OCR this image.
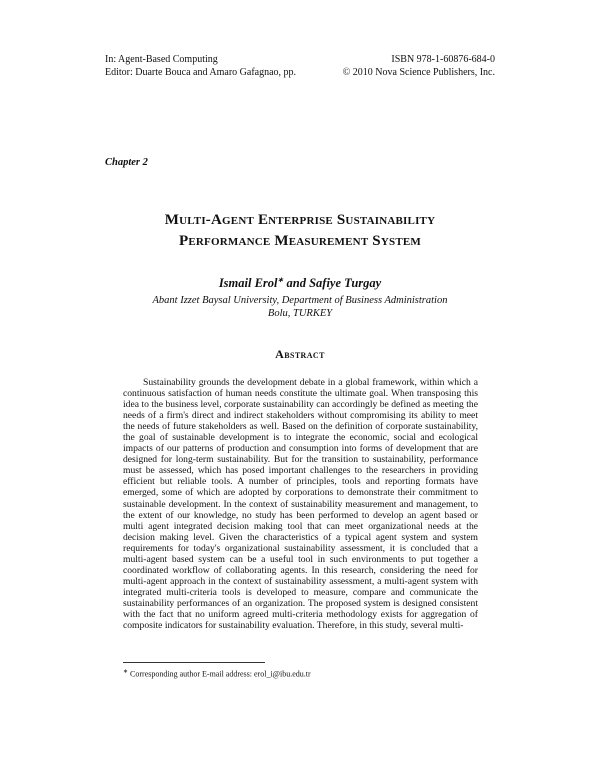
In: Agent-Based Computing
Editor: Duarte Bouca and Amaro Gafagnao, pp.
ISBN 978-1-60876-684-0
© 2010 Nova Science Publishers, Inc.
Chapter 2
Multi-Agent Enterprise Sustainability
Performance Measurement System
Ismail Erol∗ and Safiye Turgay
Abant Izzet Baysal University, Department of Business Administration
Bolu, TURKEY
Abstract

Sustainability grounds the development debate in a global framework, within which a continuous satisfaction of human needs constitute the ultimate goal. When transposing this idea to the business level, corporate sustainability can accordingly be defined as meeting the needs of a firm's direct and indirect stakeholders without compromising its ability to meet the needs of future stakeholders as well. Based on the definition of corporate sustainability, the goal of sustainable development is to integrate the economic, social and ecological impacts of our patterns of production and consumption into forms of development that are designed for long-term sustainability. But for the transition to sustainability, performance must be assessed, which has posed important challenges to the researchers in providing efficient but reliable tools. A number of principles, tools and reporting formats have emerged, some of which are adopted by corporations to demonstrate their commitment to sustainable development. In the context of sustainability measurement and management, to the extent of our knowledge, no study has been performed to develop an agent based or multi agent integrated decision making tool that can meet organizational needs at the decision making level. Given the characteristics of a typical agent system and system requirements for today's organizational sustainability assessment, it is concluded that a multi-agent based system can be a useful tool in such environments to put together a coordinated workflow of collaborating agents. In this research, considering the need for multi-agent approach in the context of sustainability assessment, a multi-agent system with integrated multi-criteria tools is developed to measure, compare and communicate the sustainability performances of an organization. The proposed system is designed consistent with the fact that no uniform agreed multi-criteria methodology exists for aggregation of composite indicators for sustainability evaluation. Therefore, in this study, several multi-

∗ Corresponding author E-mail address: erol_i@ibu.edu.tr
